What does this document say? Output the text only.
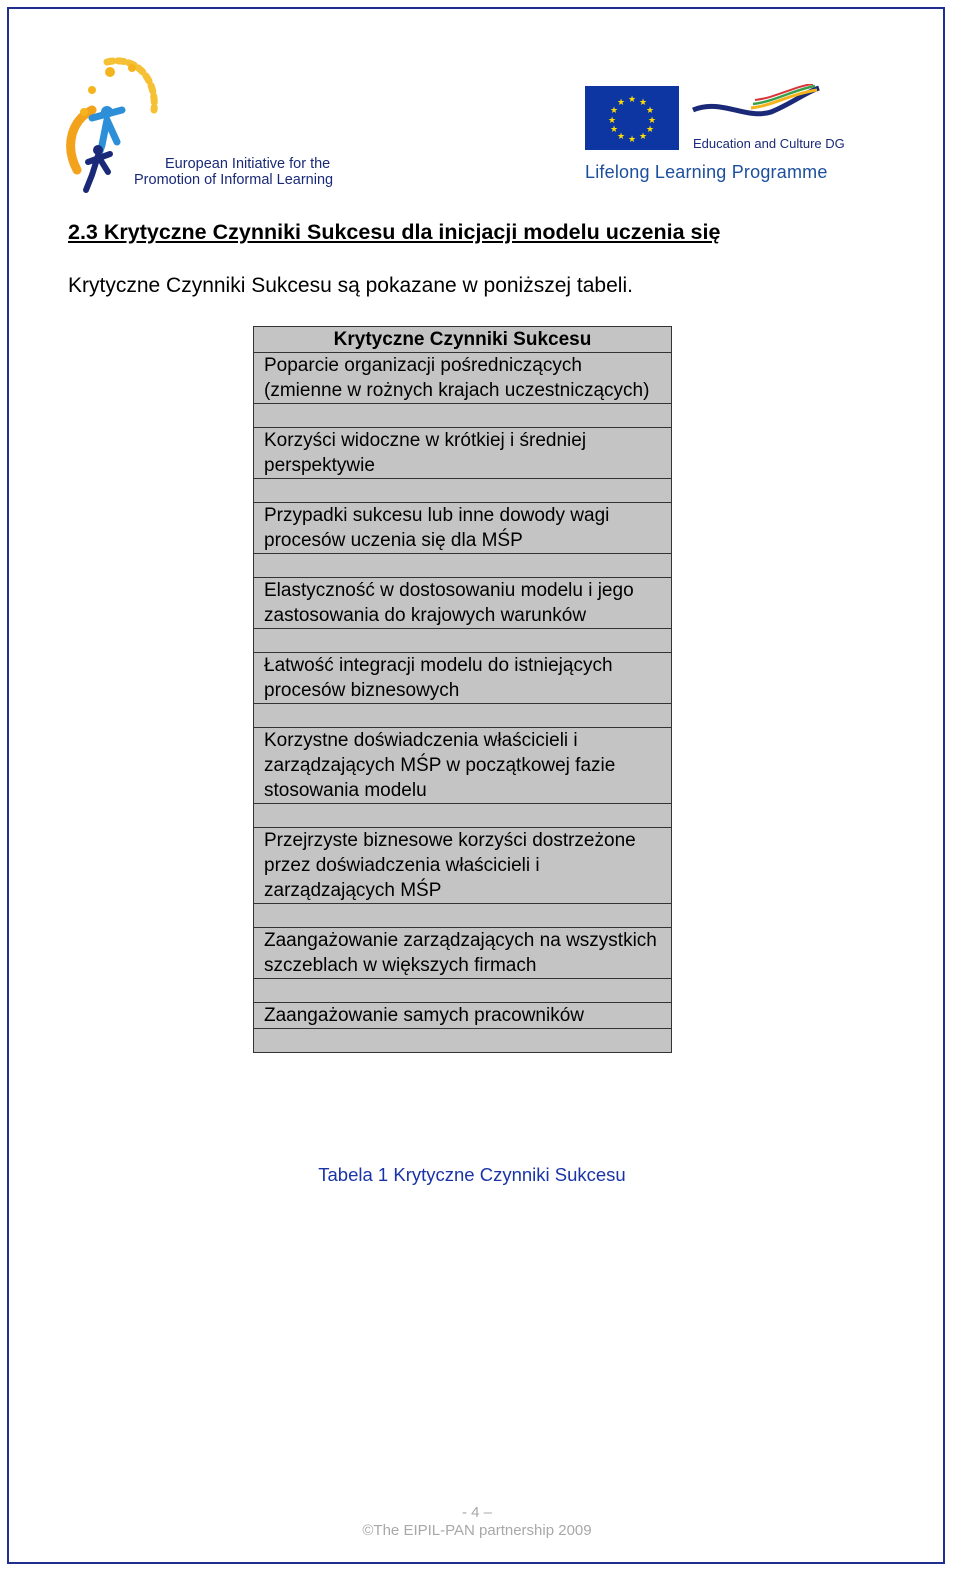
European Initiative for the
Promotion of Informal Learning
★ ★
★
★
★
★
★
★
★
★
★
★
Education and Culture DG
Lifelong Learning Programme
2.3 Krytyczne Czynniki Sukcesu dla inicjacji modelu uczenia się
Krytyczne Czynniki Sukcesu są pokazane w poniższej tabeli.
Krytyczne Czynniki Sukcesu
Poparcie organizacji pośredniczących (zmienne w rożnych krajach uczestniczących)

Korzyści widoczne w krótkiej i średniej perspektywie

Przypadki sukcesu lub inne dowody wagi procesów uczenia się dla MŚP

Elastyczność w dostosowaniu modelu i jego zastosowania do krajowych warunków

Łatwość integracji modelu do istniejących procesów biznesowych

Korzystne doświadczenia właścicieli i zarządzających MŚP w początkowej fazie stosowania modelu

Przejrzyste biznesowe korzyści dostrzeżone przez doświadczenia właścicieli i zarządzających MŚP

Zaangażowanie zarządzających na wszystkich szczeblach w większych firmach

Zaangażowanie samych pracowników

Tabela 1 Krytyczne Czynniki Sukcesu
- 4 –
©The EIPIL-PAN partnership 2009
